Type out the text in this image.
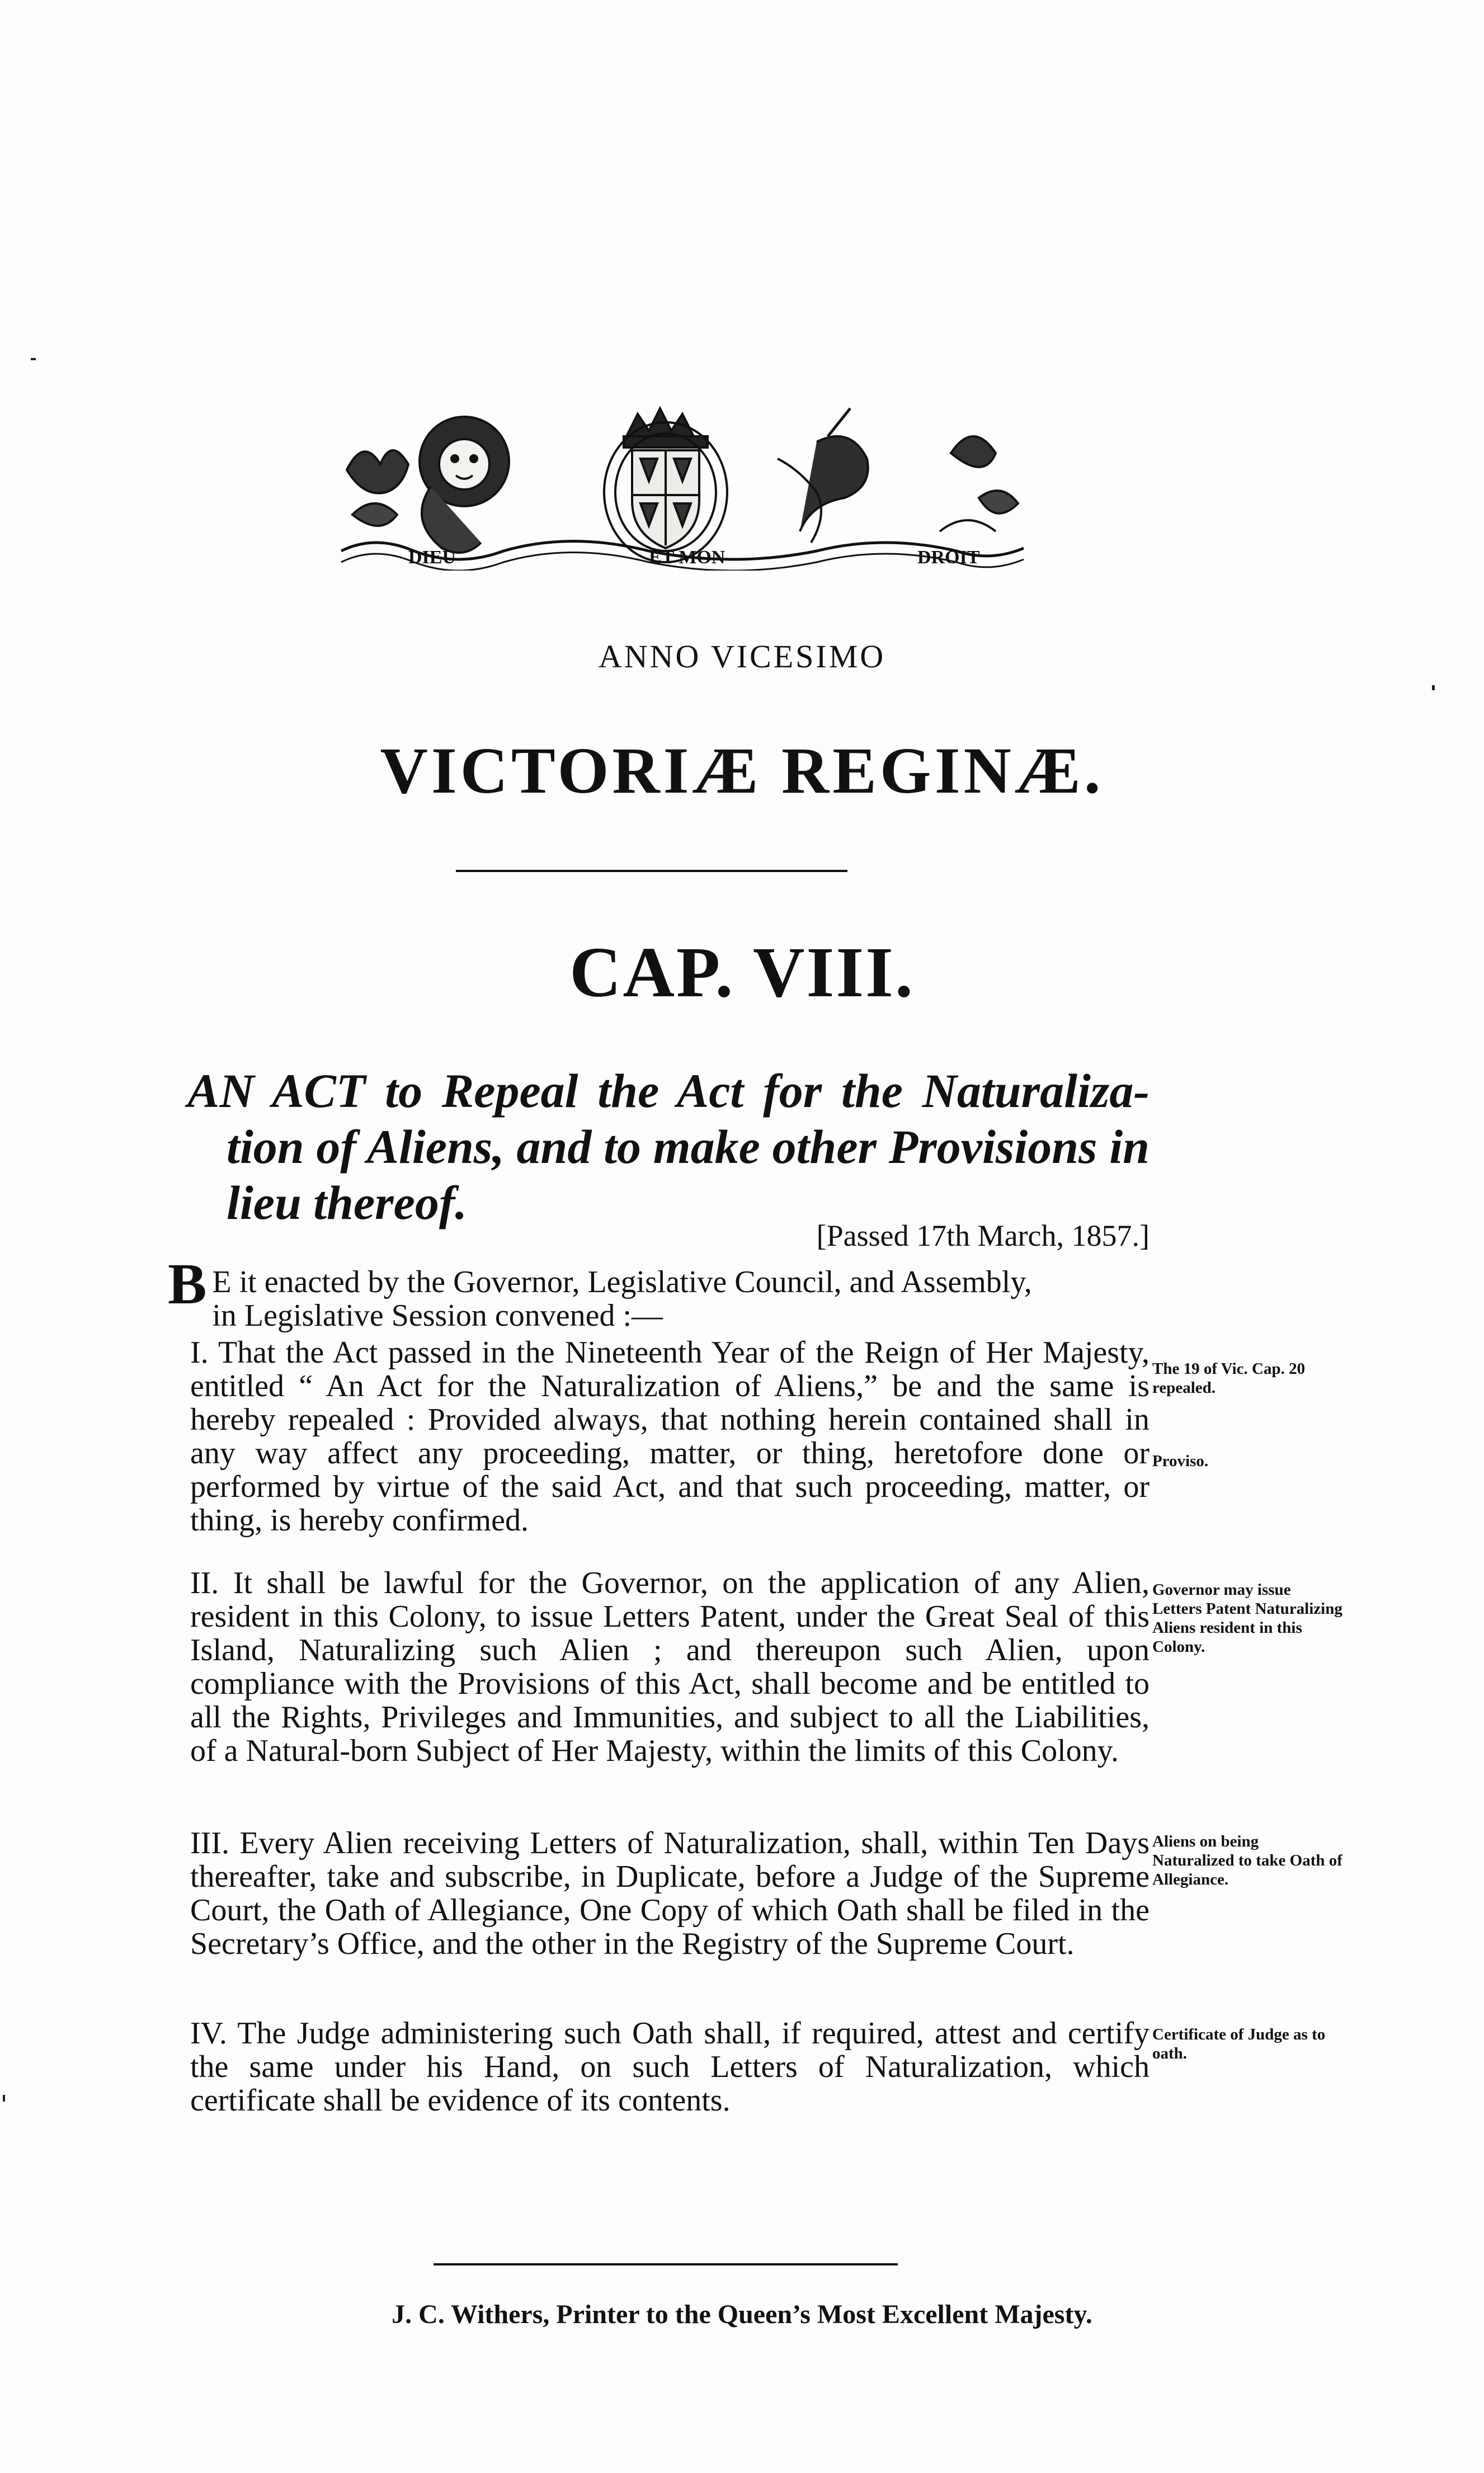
DIEU	ET MON	DROIT
ANNO VICESIMO
VICTORIÆ REGINÆ.
CAP. VIII.
AN ACT to Repeal the Act for the Naturaliza-
tion of Aliens, and to make other Provisions in
lieu thereof.
[Passed 17th March, 1857.]
B E it enacted by the Governor, Legislative Council, and Assembly,
in Legislative Session convened :—
I. That the Act passed in the Nineteenth Year of the Reign of Her Majesty, entitled “ An Act for the Naturalization of Aliens,” be and the same is hereby repealed : Provided always, that nothing herein contained shall in any way affect any proceeding, matter, or thing, heretofore done or performed by virtue of the said Act, and that such proceeding, matter, or thing, is hereby confirmed.
II. It shall be lawful for the Governor, on the application of any Alien, resident in this Colony, to issue Letters Patent, under the Great Seal of this Island, Naturalizing such Alien ; and thereupon such Alien, upon compliance with the Provisions of this Act, shall become and be entitled to all the Rights, Privileges and Immunities, and subject to all the Liabilities, of a Natural-born Subject of Her Majesty, within the limits of this Colony.
III. Every Alien receiving Letters of Naturalization, shall, within Ten Days thereafter, take and subscribe, in Duplicate, before a Judge of the Supreme Court, the Oath of Allegiance, One Copy of which Oath shall be filed in the Secretary’s Office, and the other in the Registry of the Supreme Court.
IV. The Judge administering such Oath shall, if required, attest and certify the same under his Hand, on such Letters of Naturalization, which certificate shall be evidence of its contents.
The 19 of Vic. Cap. 20 repealed.
Proviso.
Governor may issue Letters Patent Naturalizing Aliens resident in this Colony.
Aliens on being Naturalized to take Oath of Allegiance.
Certificate of Judge as to oath.
J. C. Withers, Printer to the Queen’s Most Excellent Majesty.
